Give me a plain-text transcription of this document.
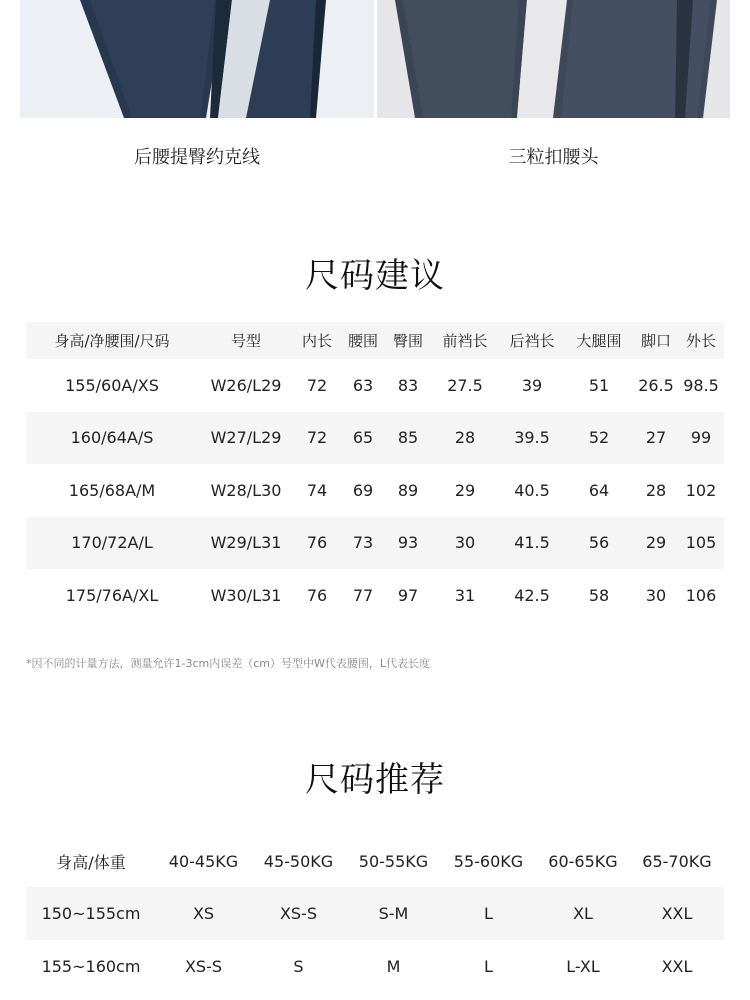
后腰提臀约克线	三粒扣腰头
尺码建议
身高/净腰围/尺码	号型	内长	腰围	臀围	前裆长	后裆长	大腿围	脚口	外长
155/60A/XS	W26/L29	72	63	83	27.5	39	51	26.5	98.5
160/64A/S	W27/L29	72	65	85	28	39.5	52	27	99
165/68A/M	W28/L30	74	69	89	29	40.5	64	28	102
170/72A/L	W29/L31	76	73	93	30	41.5	56	29	105
175/76A/XL	W30/L31	76	77	97	31	42.5	58	30	106
*因不同的计量方法，测量允许1-3cm内误差（cm）号型中W代表腰围，L代表长度
尺码推荐
身高/体重	40-45KG	45-50KG	50-55KG	55-60KG	60-65KG	65-70KG
150~155cm	XS	XS-S	S-M	L	XL	XXL
155~160cm	XS-S	S	M	L	L-XL	XXL
